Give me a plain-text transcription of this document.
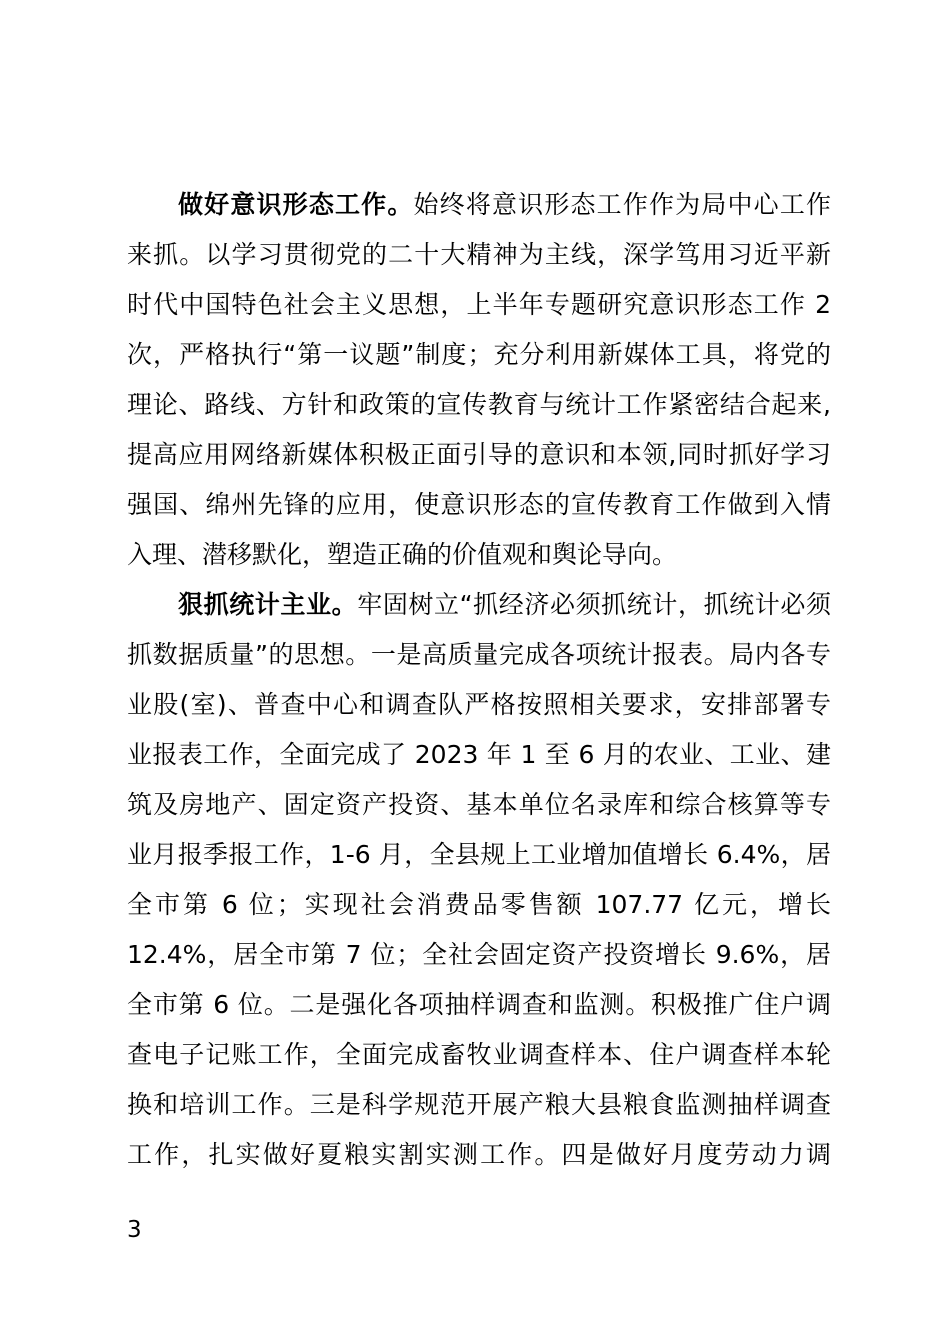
做好意识形态工作。始终将意识形态工作作为局中心工作
来抓。以学习贯彻党的二十大精神为主线，深学笃用习近平新
时代中国特色社会主义思想，上半年专题研究意识形态工作 2
次，严格执行“第一议题”制度；充分利用新媒体工具，将党的
理论、路线、方针和政策的宣传教育与统计工作紧密结合起来,
提高应用网络新媒体积极正面引导的意识和本领,同时抓好学习
强国、绵州先锋的应用，使意识形态的宣传教育工作做到入情
入理、潜移默化，塑造正确的价值观和舆论导向。
狠抓统计主业。牢固树立“抓经济必须抓统计，抓统计必须
抓数据质量”的思想。一是高质量完成各项统计报表。局内各专
业股(室)、普查中心和调查队严格按照相关要求，安排部署专
业报表工作，全面完成了 2023 年 1 至 6 月的农业、工业、建
筑及房地产、固定资产投资、基本单位名录库和综合核算等专
业月报季报工作，1-6 月，全县规上工业增加值增长 6.4%，居
全市第 6 位；实现社会消费品零售额 107.77 亿元，增长
12.4%，居全市第 7 位；全社会固定资产投资增长 9.6%，居
全市第 6 位。二是强化各项抽样调查和监测。积极推广住户调
查电子记账工作，全面完成畜牧业调查样本、住户调查样本轮
换和培训工作。三是科学规范开展产粮大县粮食监测抽样调查
工作，扎实做好夏粮实割实测工作。四是做好月度劳动力调
3
